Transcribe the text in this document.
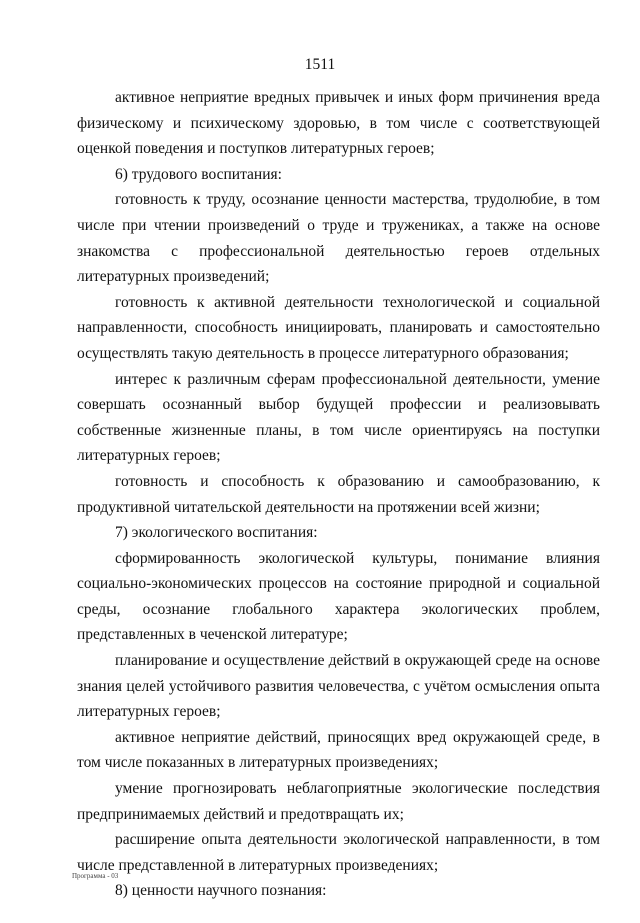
1511

активное неприятие вредных привычек и иных форм причинения вреда физическому и психическому здоровью, в том числе с соответствующей оценкой поведения и поступков литературных героев;

6) трудового воспитания:

готовность к труду, осознание ценности мастерства, трудолюбие, в том числе при чтении произведений о труде и тружениках, а также на основе знакомства с профессиональной деятельностью героев отдельных литературных произведений;

готовность к активной деятельности технологической и социальной направленности, способность инициировать, планировать и самостоятельно осуществлять такую деятельность в процессе литературного образования;

интерес к различным сферам профессиональной деятельности, умение совершать осознанный выбор будущей профессии и реализовывать собственные жизненные планы, в том числе ориентируясь на поступки литературных героев;

готовность и способность к образованию и самообразованию, к продуктивной читательской деятельности на протяжении всей жизни;

7) экологического воспитания:

сформированность экологической культуры, понимание влияния социально-экономических процессов на состояние природной и социальной среды, осознание глобального характера экологических проблем, представленных в чеченской литературе;

планирование и осуществление действий в окружающей среде на основе знания целей устойчивого развития человечества, с учётом осмысления опыта литературных героев;

активное неприятие действий, приносящих вред окружающей среде, в том числе показанных в литературных произведениях;

умение прогнозировать неблагоприятные экологические последствия предпринимаемых действий и предотвращать их;

расширение опыта деятельности экологической направленности, в том числе представленной в литературных произведениях;

8) ценности научного познания:

Программа - 03
